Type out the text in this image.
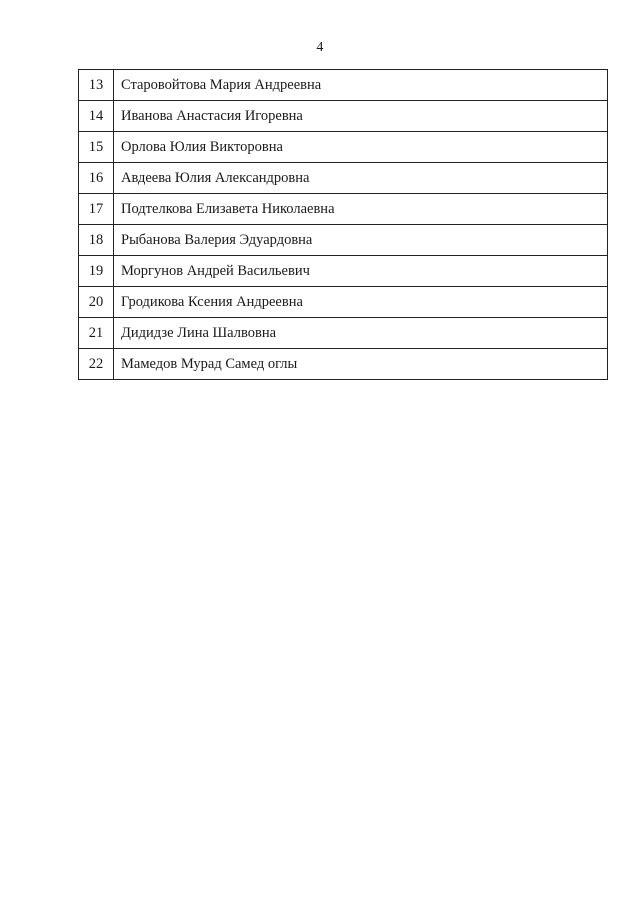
4
13	Старовойтова Мария Андреевна
14	Иванова Анастасия Игоревна
15	Орлова Юлия Викторовна
16	Авдеева Юлия Александровна
17	Подтелкова Елизавета Николаевна
18	Рыбанова Валерия Эдуардовна
19	Моргунов Андрей Васильевич
20	Гродикова Ксения Андреевна
21	Дидидзе Лина Шалвовна
22	Мамедов Мурад Самед оглы
